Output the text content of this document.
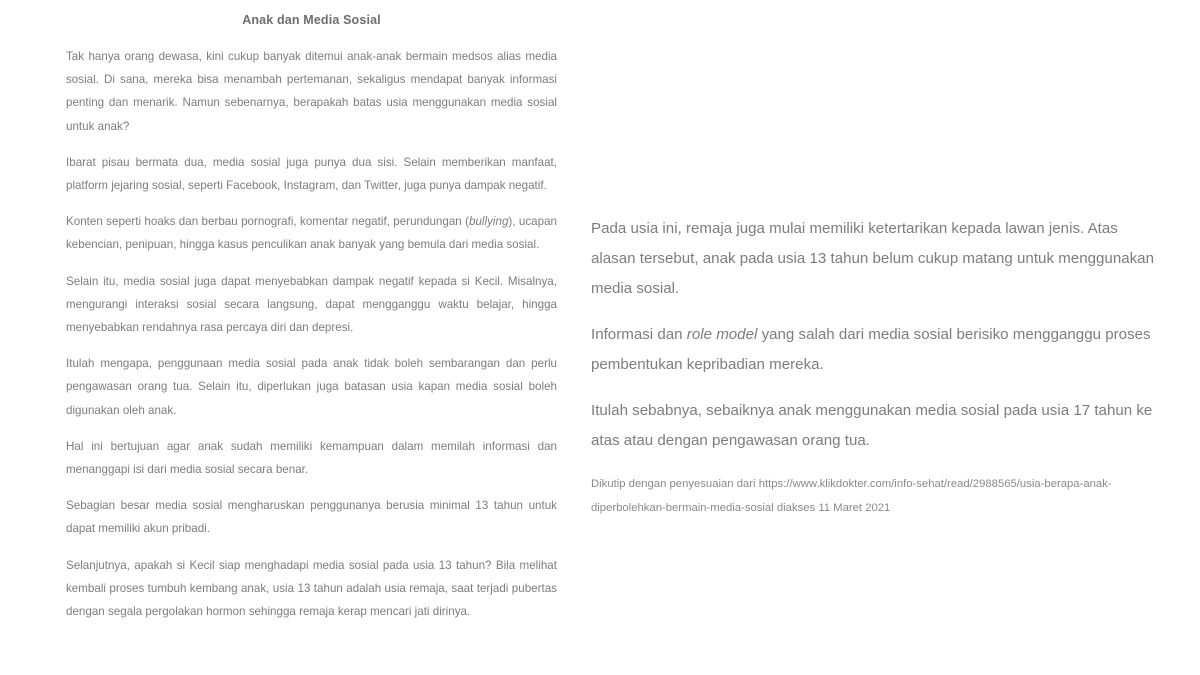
Anak dan Media Sosial

Tak hanya orang dewasa, kini cukup banyak ditemui anak-anak bermain medsos alias media sosial. Di sana, mereka bisa menambah pertemanan, sekaligus mendapat banyak informasi penting dan menarik. Namun sebenarnya, berapakah batas usia menggunakan media sosial untuk anak?

Ibarat pisau bermata dua, media sosial juga punya dua sisi. Selain memberikan manfaat, platform jejaring sosial, seperti Facebook, Instagram, dan Twitter, juga punya dampak negatif.

Konten seperti hoaks dan berbau pornografi, komentar negatif, perundungan (bullying), ucapan kebencian, penipuan, hingga kasus penculikan anak banyak yang bemula dari media sosial.

Selain itu, media sosial juga dapat menyebabkan dampak negatif kepada si Kecil. Misalnya, mengurangi interaksi sosial secara langsung, dapat mengganggu waktu belajar, hingga menyebabkan rendahnya rasa percaya diri dan depresi.

Itulah mengapa, penggunaan media sosial pada anak tidak boleh sembarangan dan perlu pengawasan orang tua. Selain itu, diperlukan juga batasan usia kapan media sosial boleh digunakan oleh anak.

Hal ini bertujuan agar anak sudah memiliki kemampuan dalam memilah informasi dan menanggapi isi dari media sosial secara benar.

Sebagian besar media sosial mengharuskan penggunanya berusia minimal 13 tahun untuk dapat memiliki akun pribadi.

Selanjutnya, apakah si Kecil siap menghadapi media sosial pada usia 13 tahun? Bila melihat kembali proses tumbuh kembang anak, usia 13 tahun adalah usia remaja, saat terjadi pubertas dengan segala pergolakan hormon sehingga remaja kerap mencari jati dirinya.

Pada usia ini, remaja juga mulai memiliki ketertarikan kepada lawan jenis. Atas alasan tersebut, anak pada usia 13 tahun belum cukup matang untuk menggunakan media sosial.

Informasi dan role model yang salah dari media sosial berisiko mengganggu proses pembentukan kepribadian mereka.

Itulah sebabnya, sebaiknya anak menggunakan media sosial pada usia 17 tahun ke atas atau dengan pengawasan orang tua.

Dikutip dengan penyesuaian dari https://www.klikdokter.com/info-sehat/read/2988565/usia-berapa-anak-diperbolehkan-bermain-media-sosial diakses 11 Maret 2021
